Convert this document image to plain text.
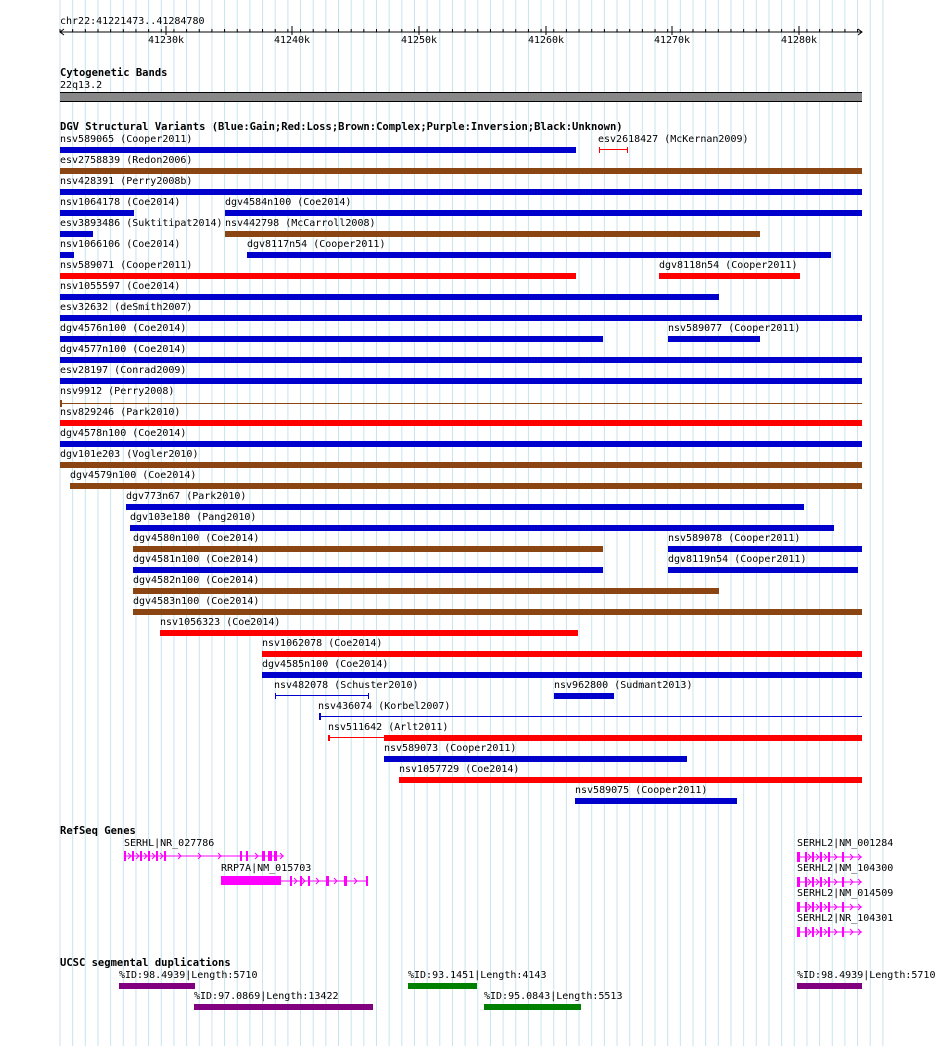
chr22:41221473..41284780
41230k	41240k	41250k	41260k	41270k	41280k
Cytogenetic Bands
22q13.2
DGV Structural Variants (Blue:Gain;Red:Loss;Brown:Complex;Purple:Inversion;Black:Unknown)
nsv589065 (Cooper2011)	esv2618427 (McKernan2009)
esv2758839 (Redon2006)
nsv428391 (Perry2008b)
nsv1064178 (Coe2014)	dgv4584n100 (Coe2014)
esv3893486 (Suktitipat2014) nsv442798 (McCarroll2008)
nsv1066106 (Coe2014)	dgv8117n54 (Cooper2011)
nsv589071 (Cooper2011)	dgv8118n54 (Cooper2011)
nsv1055597 (Coe2014)
esv32632 (deSmith2007)
dgv4576n100 (Coe2014)	nsv589077 (Cooper2011)
dgv4577n100 (Coe2014)
esv28197 (Conrad2009)
nsv9912 (Perry2008)
nsv829246 (Park2010)
dgv4578n100 (Coe2014)
dgv101e203 (Vogler2010)
dgv4579n100 (Coe2014)
dgv773n67 (Park2010)
dgv103e180 (Pang2010)
dgv4580n100 (Coe2014)	nsv589078 (Cooper2011)
dgv4581n100 (Coe2014)	dgv8119n54 (Cooper2011)
dgv4582n100 (Coe2014)
dgv4583n100 (Coe2014)
nsv1056323 (Coe2014)
nsv1062078 (Coe2014)
dgv4585n100 (Coe2014)
nsv482078 (Schuster2010)	nsv962800 (Sudmant2013)
nsv436074 (Korbel2007)
nsv511642 (Arlt2011)
nsv589073 (Cooper2011)
nsv1057729 (Coe2014)
nsv589075 (Cooper2011)
RefSeq Genes
SERHL|NR_027786
RRP7A|NM_015703
SERHL2|NM_001284
SERHL2|NM_104300
SERHL2|NM_014509
SERHL2|NR_104301
UCSC segmental duplications
%ID:98.4939|Length:5710
%ID:97.0869|Length:13422
%ID:93.1451|Length:4143
%ID:95.0843|Length:5513
%ID:98.4939|Length:5710
